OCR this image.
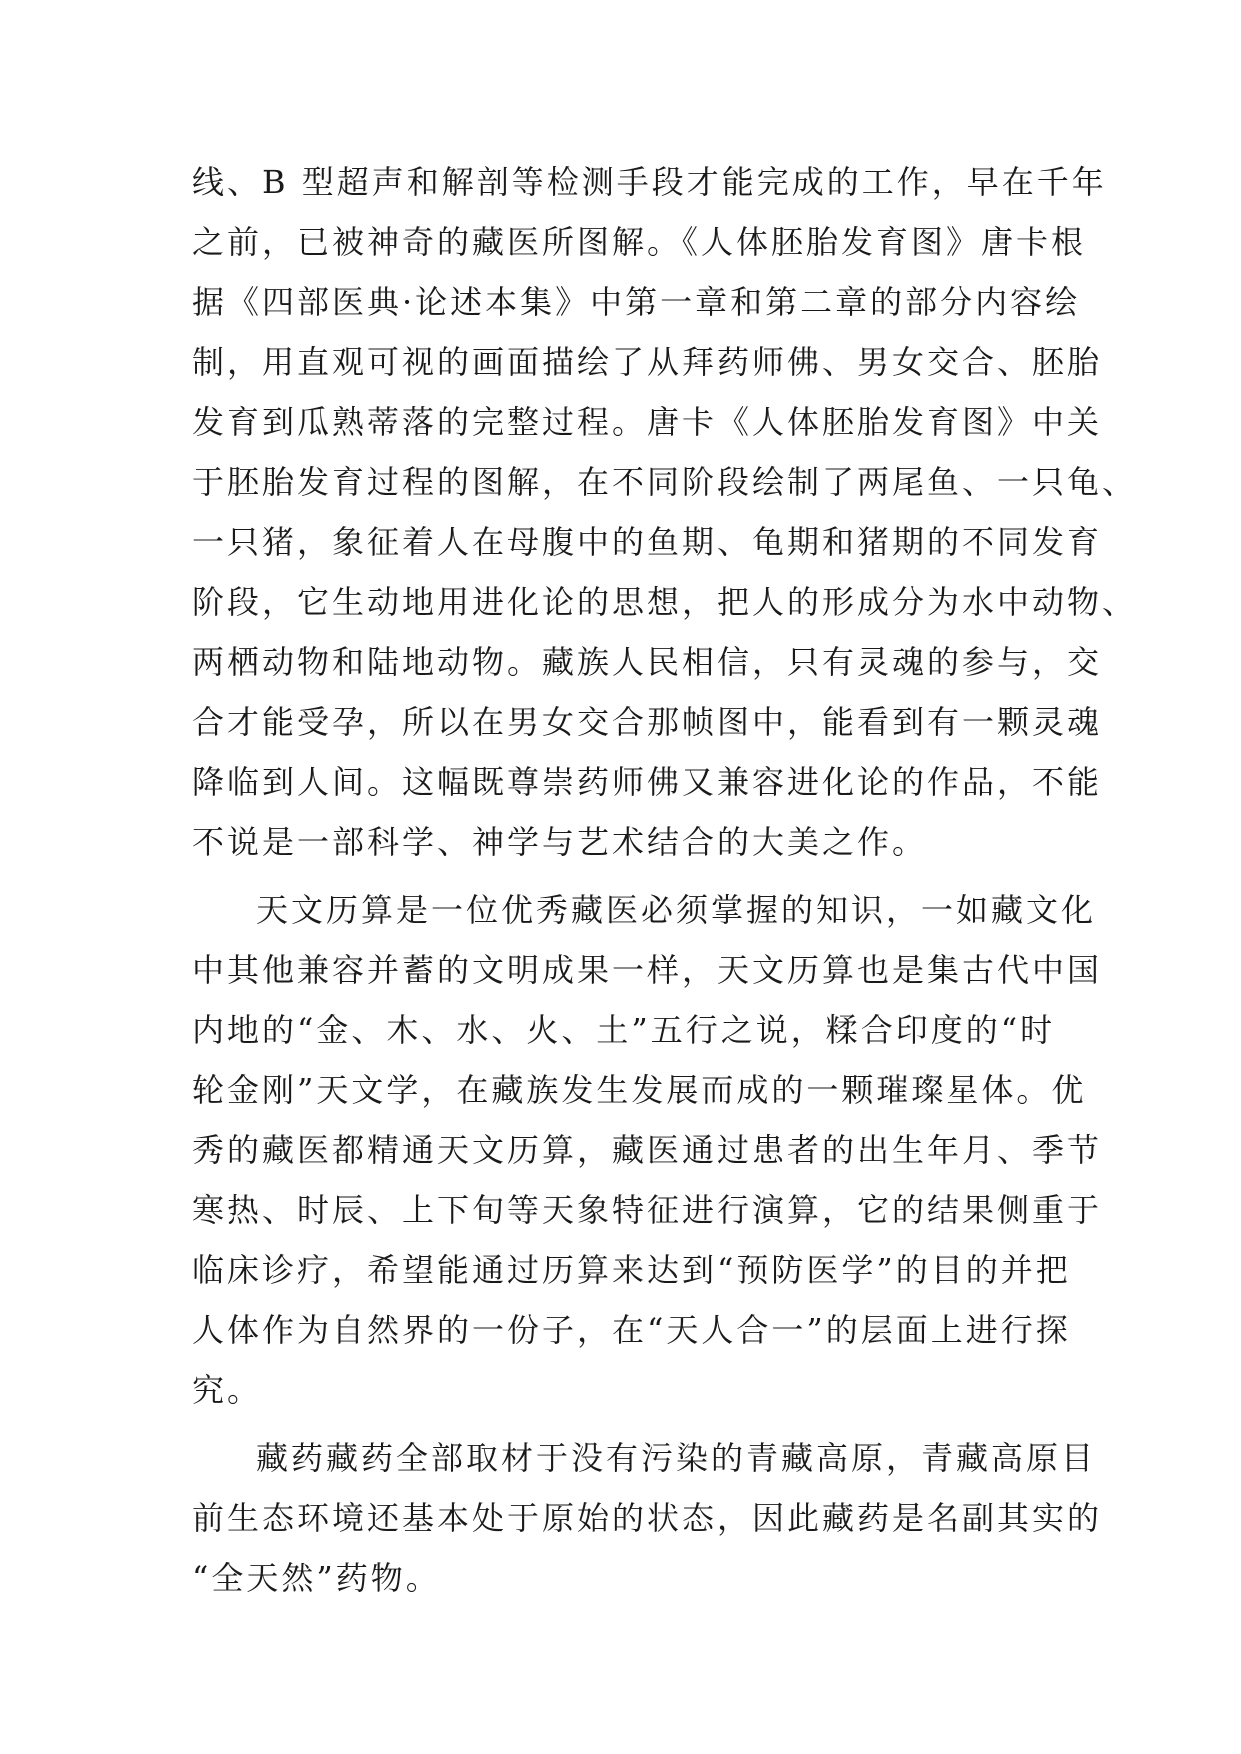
线、B 型超声和解剖等检测手段才能完成的工作，早在千年
之前，已被神奇的藏医所图解。《人体胚胎发育图》唐卡根
据《四部医典·论述本集》中第一章和第二章的部分内容绘
制，用直观可视的画面描绘了从拜药师佛、男女交合、胚胎
发育到瓜熟蒂落的完整过程。唐卡《人体胚胎发育图》中关
于胚胎发育过程的图解，在不同阶段绘制了两尾鱼、一只龟、
一只猪，象征着人在母腹中的鱼期、龟期和猪期的不同发育
阶段，它生动地用进化论的思想，把人的形成分为水中动物、
两栖动物和陆地动物。藏族人民相信，只有灵魂的参与，交
合才能受孕，所以在男女交合那帧图中，能看到有一颗灵魂
降临到人间。这幅既尊崇药师佛又兼容进化论的作品，不能
不说是一部科学、神学与艺术结合的大美之作。
天文历算是一位优秀藏医必须掌握的知识，一如藏文化
中其他兼容并蓄的文明成果一样，天文历算也是集古代中国
内地的“金、木、水、火、土”五行之说，糅合印度的“时
轮金刚”天文学，在藏族发生发展而成的一颗璀璨星体。优
秀的藏医都精通天文历算，藏医通过患者的出生年月、季节
寒热、时辰、上下旬等天象特征进行演算，它的结果侧重于
临床诊疗，希望能通过历算来达到“预防医学”的目的并把
人体作为自然界的一份子，在“天人合一”的层面上进行探
究。
藏药藏药全部取材于没有污染的青藏高原，青藏高原目
前生态环境还基本处于原始的状态，因此藏药是名副其实的
“全天然”药物。
